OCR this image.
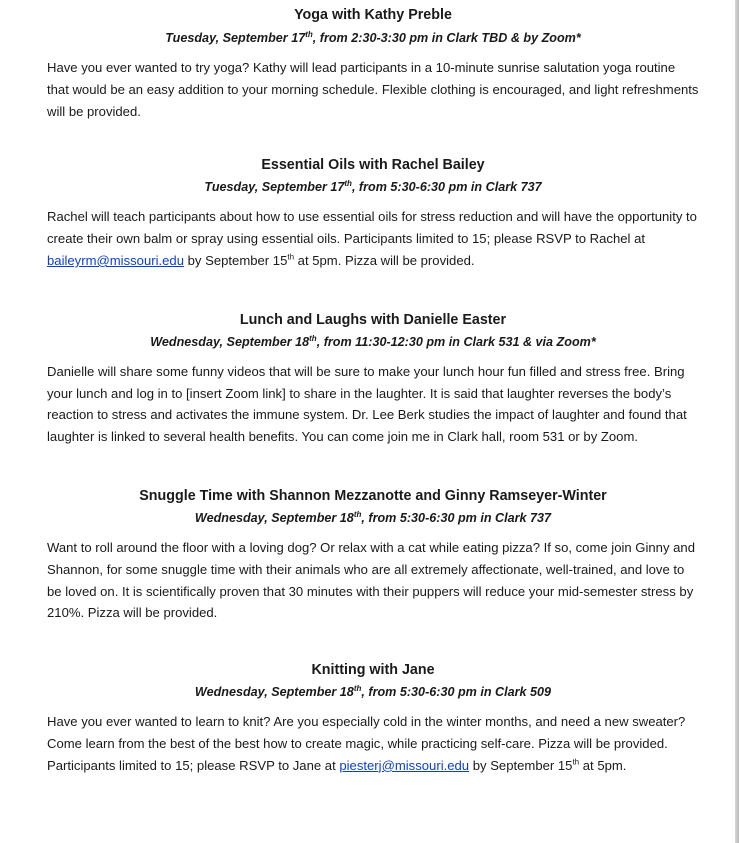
Yoga with Kathy Preble

Tuesday, September 17th, from 2:30-3:30 pm in Clark TBD & by Zoom*

Have you ever wanted to try yoga? Kathy will lead participants in a 10-minute sunrise salutation yoga routine that would be an easy addition to your morning schedule. Flexible clothing is encouraged, and light refreshments will be provided.

Essential Oils with Rachel Bailey

Tuesday, September 17th, from 5:30-6:30 pm in Clark 737

Rachel will teach participants about how to use essential oils for stress reduction and will have the opportunity to create their own balm or spray using essential oils. Participants limited to 15; please RSVP to Rachel at baileyrm@missouri.edu by September 15th at 5pm. Pizza will be provided.

Lunch and Laughs with Danielle Easter

Wednesday, September 18th, from 11:30-12:30 pm in Clark 531 & via Zoom*

Danielle will share some funny videos that will be sure to make your lunch hour fun filled and stress free. Bring your lunch and log in to [insert Zoom link] to share in the laughter. It is said that laughter reverses the body’s reaction to stress and activates the immune system. Dr. Lee Berk studies the impact of laughter and found that laughter is linked to several health benefits. You can come join me in Clark hall, room 531 or by Zoom.

Snuggle Time with Shannon Mezzanotte and Ginny Ramseyer-Winter

Wednesday, September 18th, from 5:30-6:30 pm in Clark 737

Want to roll around the floor with a loving dog? Or relax with a cat while eating pizza? If so, come join Ginny and Shannon, for some snuggle time with their animals who are all extremely affectionate, well-trained, and love to be loved on. It is scientifically proven that 30 minutes with their puppers will reduce your mid-semester stress by 210%. Pizza will be provided.

Knitting with Jane

Wednesday, September 18th, from 5:30-6:30 pm in Clark 509

Have you ever wanted to learn to knit? Are you especially cold in the winter months, and need a new sweater? Come learn from the best of the best how to create magic, while practicing self-care. Pizza will be provided. Participants limited to 15; please RSVP to Jane at piesterj@missouri.edu by September 15th at 5pm.
